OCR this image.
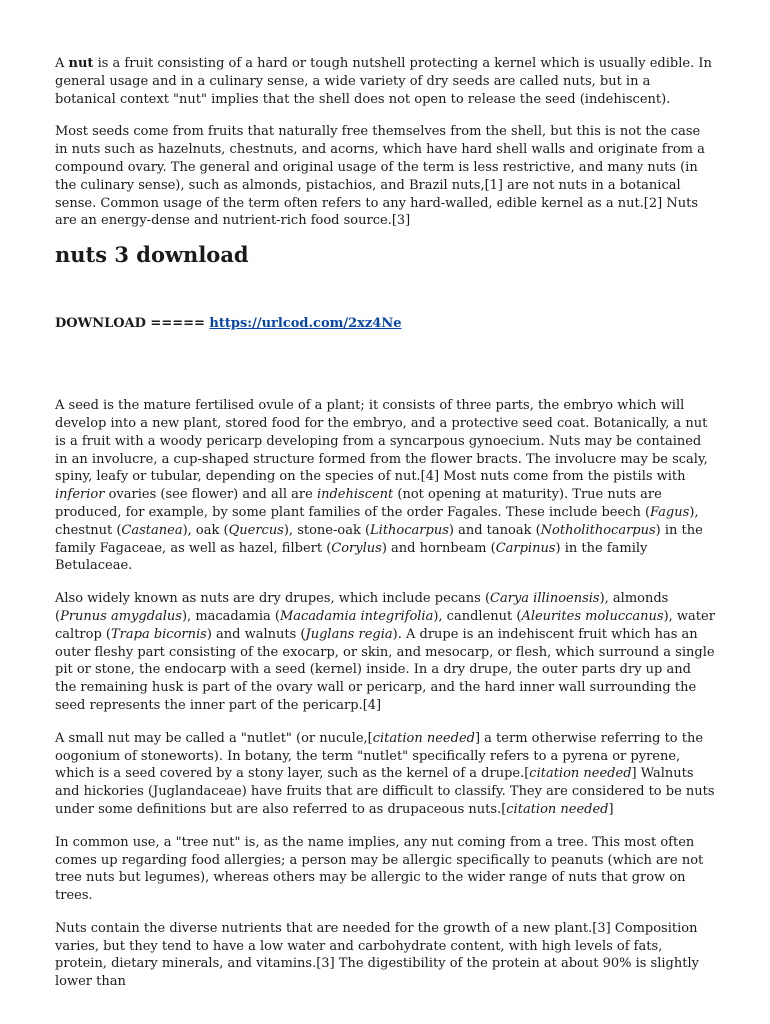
A nut is a fruit consisting of a hard or tough nutshell protecting a kernel which is usually edible. In general usage and in a culinary sense, a wide variety of dry seeds are called nuts, but in a botanical context "nut" implies that the shell does not open to release the seed (indehiscent).

Most seeds come from fruits that naturally free themselves from the shell, but this is not the case in nuts such as hazelnuts, chestnuts, and acorns, which have hard shell walls and originate from a compound ovary. The general and original usage of the term is less restrictive, and many nuts (in the culinary sense), such as almonds, pistachios, and Brazil nuts,[1] are not nuts in a botanical sense. Common usage of the term often refers to any hard-walled, edible kernel as a nut.[2] Nuts are an energy-dense and nutrient-rich food source.[3]

nuts 3 download
DOWNLOAD ===== https://urlcod.com/2xz4Ne

A seed is the mature fertilised ovule of a plant; it consists of three parts, the embryo which will develop into a new plant, stored food for the embryo, and a protective seed coat. Botanically, a nut is a fruit with a woody pericarp developing from a syncarpous gynoecium. Nuts may be contained in an involucre, a cup-shaped structure formed from the flower bracts. The involucre may be scaly, spiny, leafy or tubular, depending on the species of nut.[4] Most nuts come from the pistils with inferior ovaries (see flower) and all are indehiscent (not opening at maturity). True nuts are produced, for example, by some plant families of the order Fagales. These include beech (Fagus), chestnut (Castanea), oak (Quercus), stone-oak (Lithocarpus) and tanoak (Notholithocarpus) in the family Fagaceae, as well as hazel, filbert (Corylus) and hornbeam (Carpinus) in the family Betulaceae.

Also widely known as nuts are dry drupes, which include pecans (Carya illinoensis), almonds (Prunus amygdalus), macadamia (Macadamia integrifolia), candlenut (Aleurites moluccanus), water caltrop (Trapa bicornis) and walnuts (Juglans regia). A drupe is an indehiscent fruit which has an outer fleshy part consisting of the exocarp, or skin, and mesocarp, or flesh, which surround a single pit or stone, the endocarp with a seed (kernel) inside. In a dry drupe, the outer parts dry up and the remaining husk is part of the ovary wall or pericarp, and the hard inner wall surrounding the seed represents the inner part of the pericarp.[4]

A small nut may be called a "nutlet" (or nucule,[citation needed] a term otherwise referring to the oogonium of stoneworts). In botany, the term "nutlet" specifically refers to a pyrena or pyrene, which is a seed covered by a stony layer, such as the kernel of a drupe.[citation needed] Walnuts and hickories (Juglandaceae) have fruits that are difficult to classify. They are considered to be nuts under some definitions but are also referred to as drupaceous nuts.[citation needed]

In common use, a "tree nut" is, as the name implies, any nut coming from a tree. This most often comes up regarding food allergies; a person may be allergic specifically to peanuts (which are not tree nuts but legumes), whereas others may be allergic to the wider range of nuts that grow on trees.

Nuts contain the diverse nutrients that are needed for the growth of a new plant.[3] Composition varies, but they tend to have a low water and carbohydrate content, with high levels of fats, protein, dietary minerals, and vitamins.[3] The digestibility of the protein at about 90% is slightly lower than
